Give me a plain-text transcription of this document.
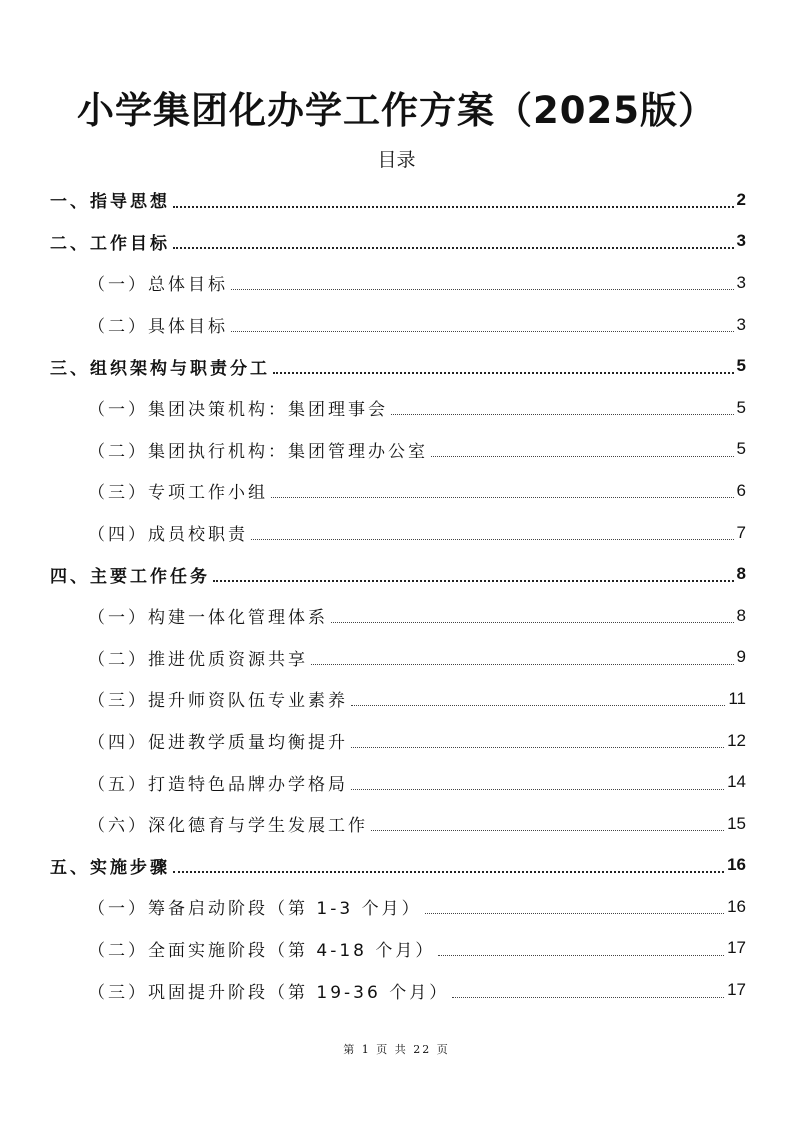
小学集团化办学工作方案（2025版）
目录
一、指导思想	2
二、工作目标	3
（一）总体目标	3
（二）具体目标	3
三、组织架构与职责分工	5
（一）集团决策机构：集团理事会	5
（二）集团执行机构：集团管理办公室	5
（三）专项工作小组	6
（四）成员校职责	7
四、主要工作任务	8
（一）构建一体化管理体系	8
（二）推进优质资源共享	9
（三）提升师资队伍专业素养	11
（四）促进教学质量均衡提升	12
（五）打造特色品牌办学格局	14
（六）深化德育与学生发展工作	15
五、实施步骤	16
（一）筹备启动阶段（第 1-3 个月）	16
（二）全面实施阶段（第 4-18 个月）	17
（三）巩固提升阶段（第 19-36 个月）	17
第 1 页 共 22 页
